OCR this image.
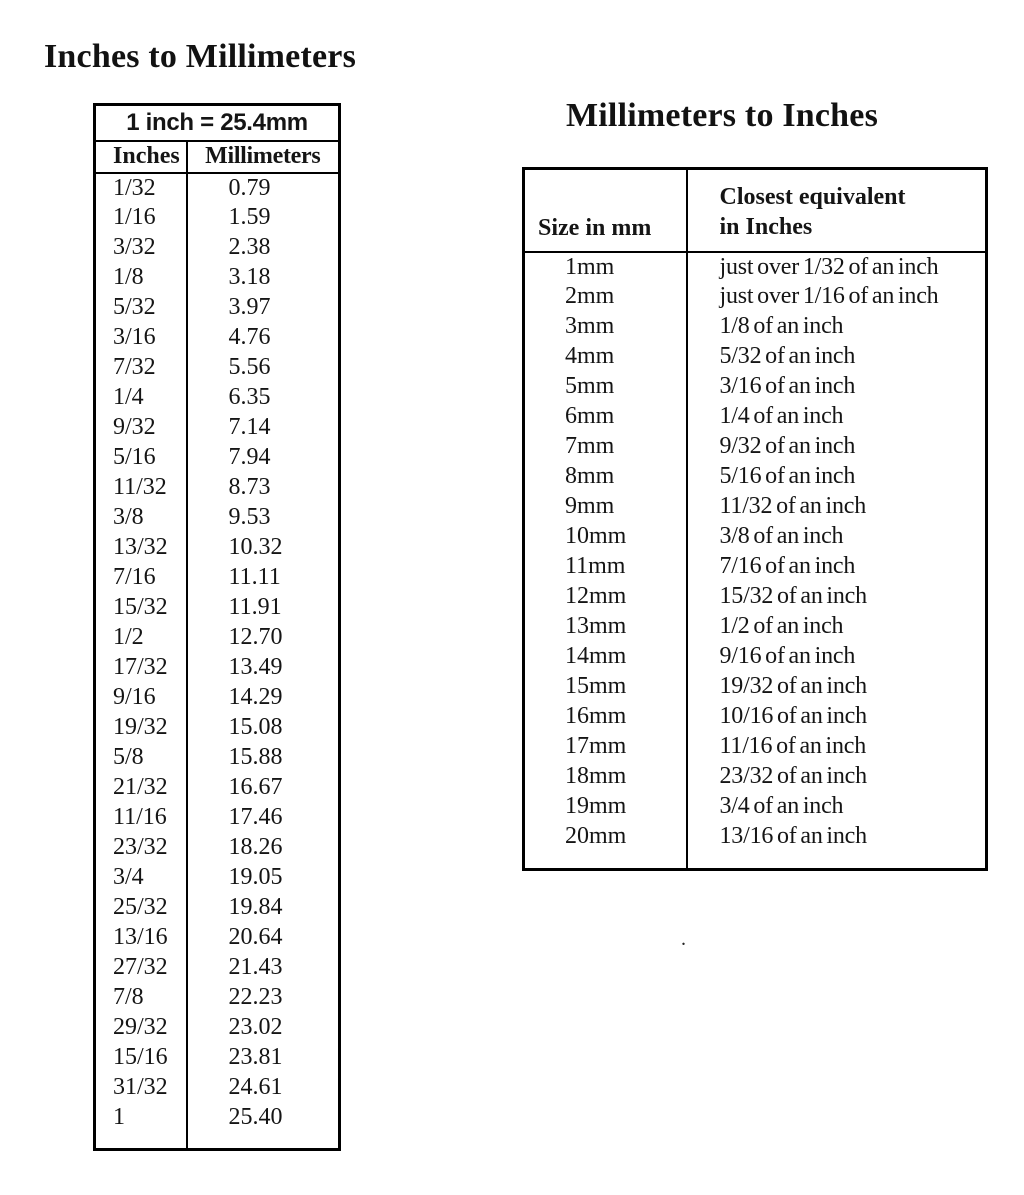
Inches to Millimeters
Millimeters to Inches
1 inch = 25.4mm	
Inches	Millimeters
1/32	0.79
1/16	1.59
3/32	2.38
1/8	3.18
5/32	3.97
3/16	4.76
7/32	5.56
1/4	6.35
9/32	7.14
5/16	7.94
11/32	8.73
3/8	9.53
13/32	10.32
7/16	11.11
15/32	11.91
1/2	12.70
17/32	13.49
9/16	14.29
19/32	15.08
5/8	15.88
21/32	16.67
11/16	17.46
23/32	18.26
3/4	19.05
25/32	19.84
13/16	20.64
27/32	21.43
7/8	22.23
29/32	23.02
15/16	23.81
31/32	24.61
1	25.40

Size in mm	Closest equivalent
in Inches

1mm	just over 1/32 of an inch
2mm	just over 1/16 of an inch
3mm	1/8 of an inch
4mm	5/32 of an inch
5mm	3/16 of an inch
6mm	1/4 of an inch
7mm	9/32 of an inch
8mm	5/16 of an inch
9mm	11/32 of an inch
10mm	3/8 of an inch
11mm	7/16 of an inch
12mm	15/32 of an inch
13mm	1/2 of an inch
14mm	9/16 of an inch
15mm	19/32 of an inch
16mm	10/16 of an inch
17mm	11/16 of an inch
18mm	23/32 of an inch
19mm	3/4 of an inch
20mm	13/16 of an inch

.
